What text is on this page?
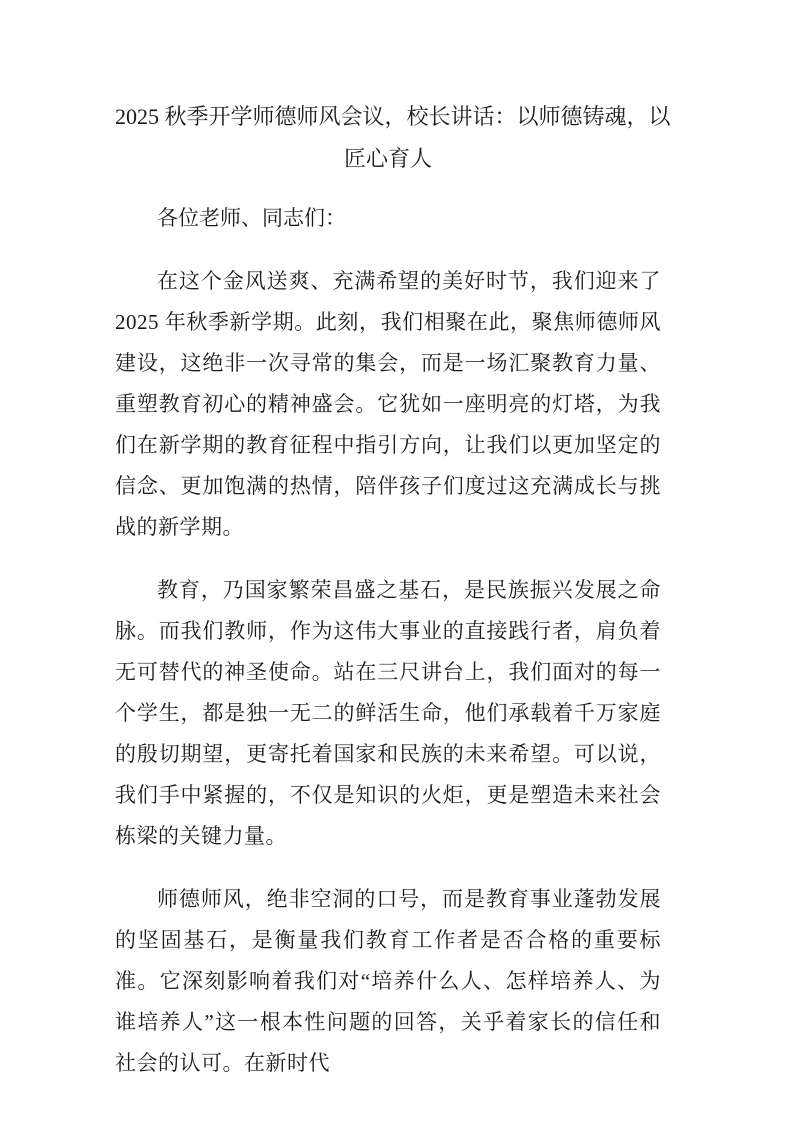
2025 秋季开学师德师风会议，校长讲话：以师德铸魂，以
匠心育人

各位老师、同志们：

在这个金风送爽、充满希望的美好时节，我们迎来了 2025 年秋季新学期。此刻，我们相聚在此，聚焦师德师风建设，这绝非一次寻常的集会，而是一场汇聚教育力量、重塑教育初心的精神盛会。它犹如一座明亮的灯塔，为我们在新学期的教育征程中指引方向，让我们以更加坚定的信念、更加饱满的热情，陪伴孩子们度过这充满成长与挑战的新学期。

教育，乃国家繁荣昌盛之基石，是民族振兴发展之命脉。而我们教师，作为这伟大事业的直接践行者，肩负着无可替代的神圣使命。站在三尺讲台上，我们面对的每一个学生，都是独一无二的鲜活生命，他们承载着千万家庭的殷切期望，更寄托着国家和民族的未来希望。可以说，我们手中紧握的，不仅是知识的火炬，更是塑造未来社会栋梁的关键力量。

师德师风，绝非空洞的口号，而是教育事业蓬勃发展的坚固基石，是衡量我们教育工作者是否合格的重要标准。它深刻影响着我们对“培养什么人、怎样培养人、为谁培养人”这一根本性问题的回答，关乎着家长的信任和社会的认可。在新时代
